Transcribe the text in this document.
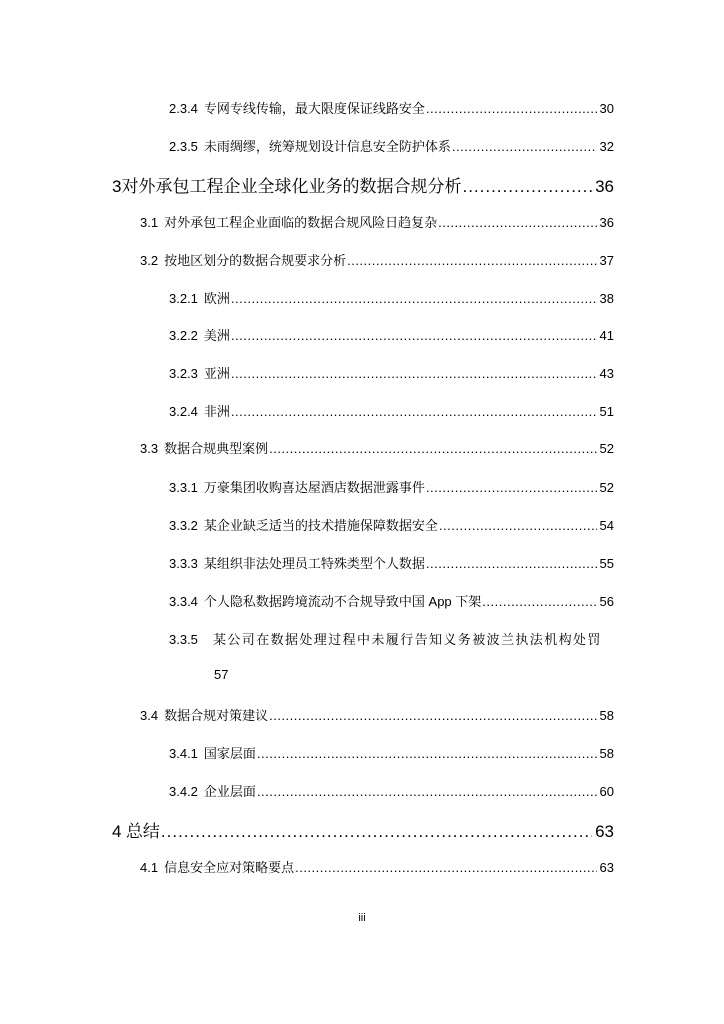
2.3.4 专网专线传输，最大限度保证线路安全 .....	30
2.3.5 未雨绸缪，统筹规划设计信息安全防护体系 .....	32
3 对外承包工程企业全球化业务的数据合规分析 .....	36
3.1 对外承包工程企业面临的数据合规风险日趋复杂 .....	36
3.2 按地区划分的数据合规要求分析 .....	37
3.2.1 欧洲 .....	38
3.2.2 美洲 .....	41
3.2.3 亚洲 .....	43
3.2.4 非洲 .....	51
3.3 数据合规典型案例 .....	52
3.3.1 万豪集团收购喜达屋酒店数据泄露事件 .....	52
3.3.2 某企业缺乏适当的技术措施保障数据安全 .....	54
3.3.3 某组织非法处理员工特殊类型个人数据 .....	55
3.3.4 个人隐私数据跨境流动不合规导致中国 App 下架 .....	56
3.3.5	某公司在数据处理过程中未履行告知义务被波兰执法机构处罚
57
3.4 数据合规对策建议 .....	58
3.4.1 国家层面 .....	58
3.4.2 企业层面 .....	60
4 总结 .....	63
4.1 信息安全应对策略要点 .....	63
iii
